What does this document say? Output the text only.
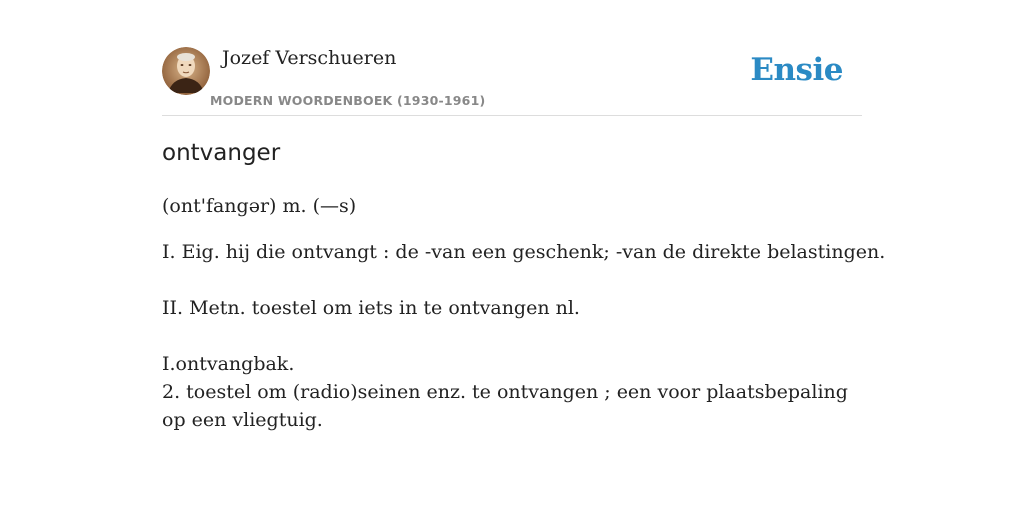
Jozef Verschueren
MODERN WOORDENBOEK (1930-1961)
Ensie
ontvanger
(ont'fangər) m. (—s)
I. Eig. hij die ontvangt : de -van een geschenk; -van de direkte belastingen.
II. Metn. toestel om iets in te ontvangen nl.
I.ontvangbak.
2. toestel om (radio)seinen enz. te ontvangen ; een voor plaatsbepaling op een vliegtuig.
